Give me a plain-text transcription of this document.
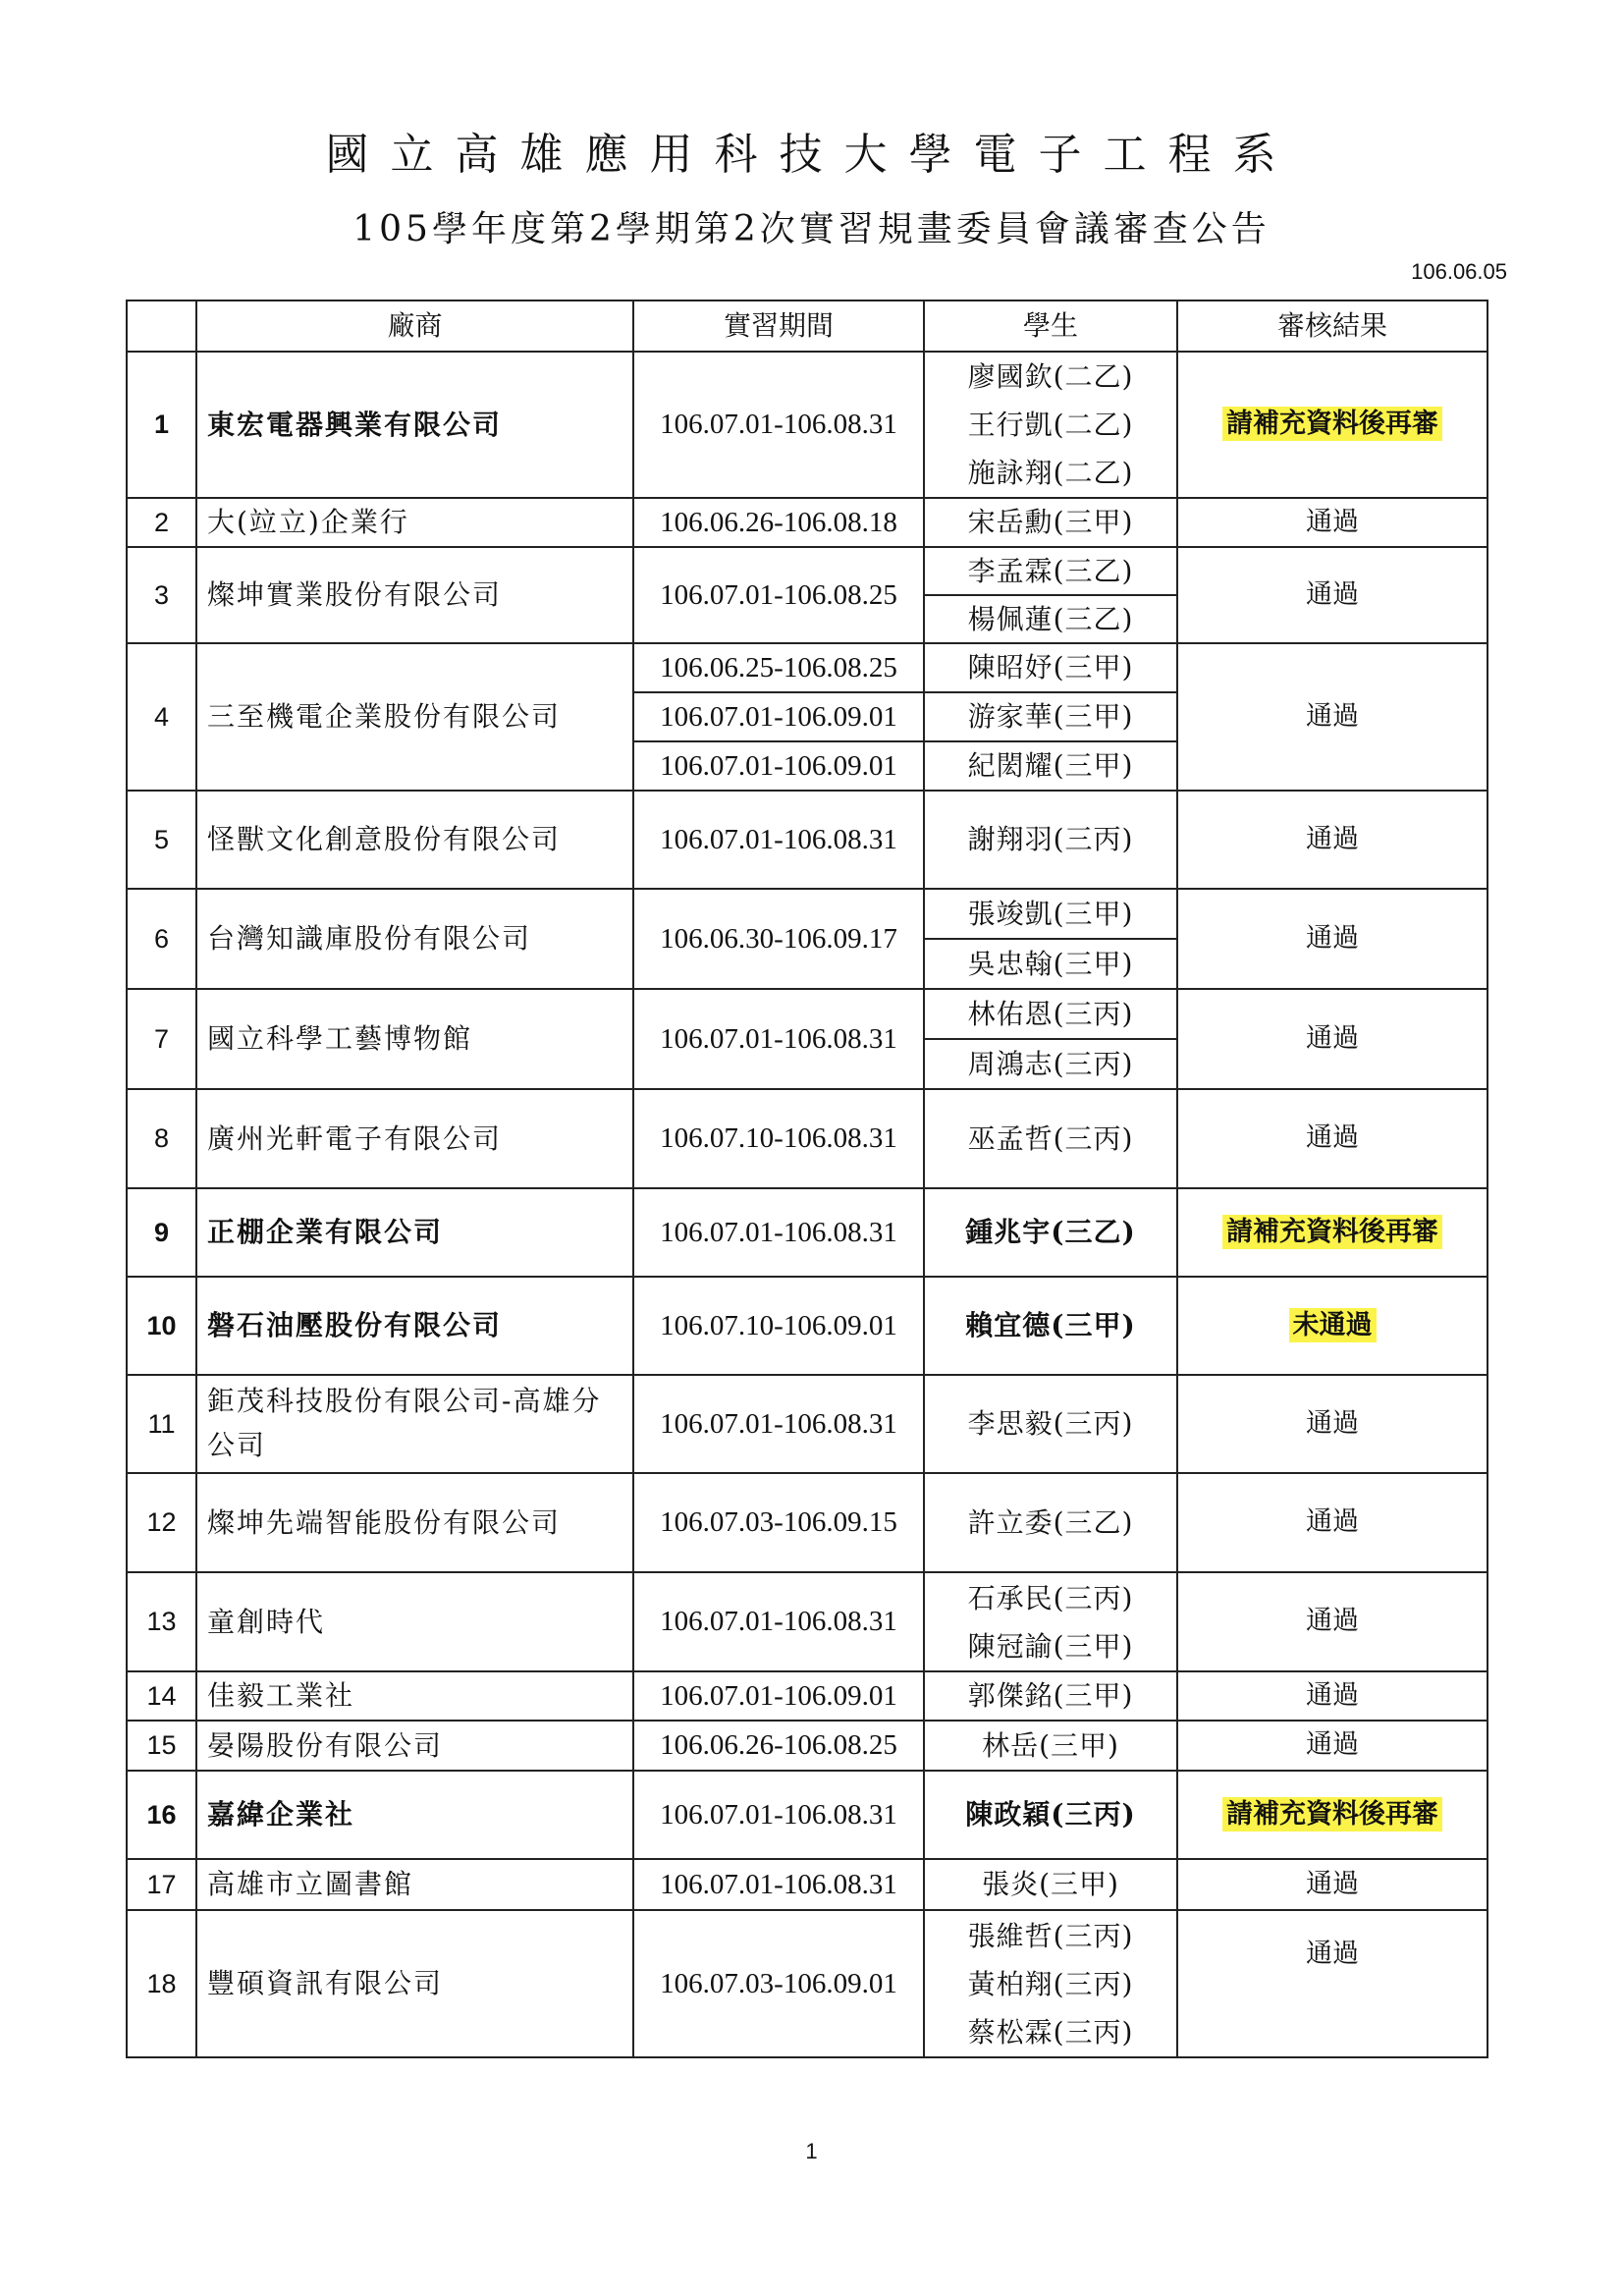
國立高雄應用科技大學電子工程系
105學年度第2學期第2次實習規畫委員會議審查公告
106.06.05
	廠商	實習期間	學生	審核結果
1	東宏電器興業有限公司	106.07.01-106.08.31	廖國欽(二乙)
王行凱(二乙)
施詠翔(二乙)	請補充資料後再審

2	大(竝立)企業行	106.06.26-106.08.18	宋岳勳(三甲)	通過
3	燦坤實業股份有限公司	106.07.01-106.08.25	李孟霖(三乙)	通過
			楊佩蓮(三乙)	
4	三至機電企業股份有限公司	106.06.25-106.08.25	陳昭妤(三甲)	通過
		106.07.01-106.09.01	游家華(三甲)	
		106.07.01-106.09.01	紀閎耀(三甲)	
5	怪獸文化創意股份有限公司	106.07.01-106.08.31	謝翔羽(三丙)	通過
6	台灣知識庫股份有限公司	106.06.30-106.09.17	張竣凱(三甲)	通過
			吳忠翰(三甲)	
7	國立科學工藝博物館	106.07.01-106.08.31	林佑恩(三丙)	通過
			周鴻志(三丙)	
8	廣州光軒電子有限公司	106.07.10-106.08.31	巫孟哲(三丙)	通過
9	正棚企業有限公司	106.07.01-106.08.31	鍾兆宇(三乙)	請補充資料後再審
10	磐石油壓股份有限公司	106.07.10-106.09.01	賴宜德(三甲)	未通過
11	鉅茂科技股份有限公司-高雄分公司	106.07.01-106.08.31	李思毅(三丙)	通過
12	燦坤先端智能股份有限公司	106.07.03-106.09.15	許立委(三乙)	通過
13	童創時代	106.07.01-106.08.31	石承民(三丙)
陳冠諭(三甲)	通過
14	佳毅工業社	106.07.01-106.09.01	郭傑銘(三甲)	通過
15	晏陽股份有限公司	106.06.26-106.08.25	林岳(三甲)	通過
16	嘉緯企業社	106.07.01-106.08.31	陳政穎(三丙)	請補充資料後再審
17	高雄市立圖書館	106.07.01-106.08.31	張炎(三甲)	通過
18	豐碩資訊有限公司	106.07.03-106.09.01	張維哲(三丙)
黃柏翔(三丙)
蔡松霖(三丙)	通過
1
